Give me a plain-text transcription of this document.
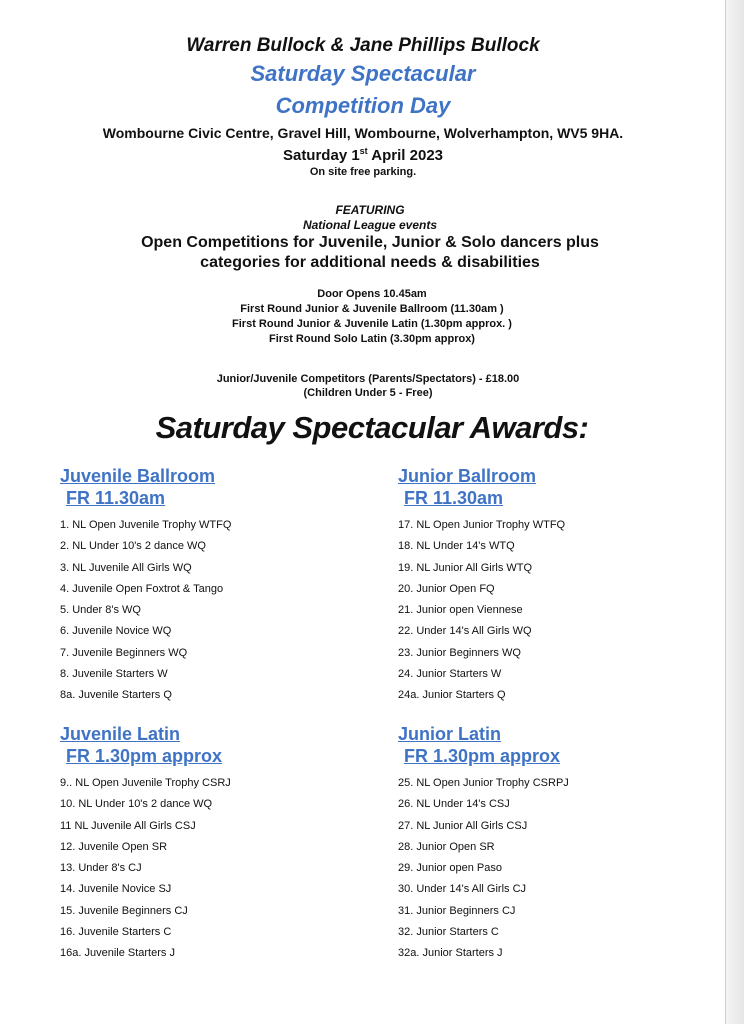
Warren Bullock & Jane Phillips Bullock

Saturday Spectacular

Competition Day

Wombourne Civic Centre, Gravel Hill, Wombourne, Wolverhampton, WV5 9HA.

Saturday 1st April 2023

On site free parking.

FEATURING

National League events

Open Competitions for Juvenile, Junior & Solo dancers plus

categories for additional needs & disabilities

Door Opens 10.45am

First Round Junior & Juvenile Ballroom (11.30am )

First Round Junior & Juvenile Latin (1.30pm approx. )

First Round Solo Latin (3.30pm approx)

Junior/Juvenile Competitors (Parents/Spectators) - £18.00

(Children Under 5 - Free)

Saturday Spectacular Awards:

Juvenile Ballroom

FR 11.30am

1. NL Open Juvenile Trophy WTFQ
2. NL Under 10's 2 dance WQ
3. NL Juvenile All Girls WQ
4. Juvenile Open Foxtrot & Tango
5. Under 8's WQ
6. Juvenile Novice WQ
7. Juvenile Beginners WQ
8. Juvenile Starters W
8a. Juvenile Starters Q

Junior Ballroom

FR 11.30am

17. NL Open Junior Trophy WTFQ
18. NL Under 14's WTQ
19. NL Junior All Girls WTQ
20. Junior Open FQ
21. Junior open Viennese
22. Under 14's All Girls WQ
23. Junior Beginners WQ
24. Junior Starters W
24a. Junior Starters Q

Juvenile Latin

FR 1.30pm approx

9.. NL Open Juvenile Trophy CSRJ
10. NL Under 10's 2 dance WQ
11 NL Juvenile All Girls CSJ
12. Juvenile Open SR
13. Under 8's CJ
14. Juvenile Novice SJ
15. Juvenile Beginners CJ
16. Juvenile Starters C
16a. Juvenile Starters J

Junior Latin

FR 1.30pm approx

25. NL Open Junior Trophy CSRPJ
26. NL Under 14's CSJ
27. NL Junior All Girls CSJ
28. Junior Open SR
29. Junior open Paso
30. Under 14's All Girls CJ
31. Junior Beginners CJ
32. Junior Starters C
32a. Junior Starters J
